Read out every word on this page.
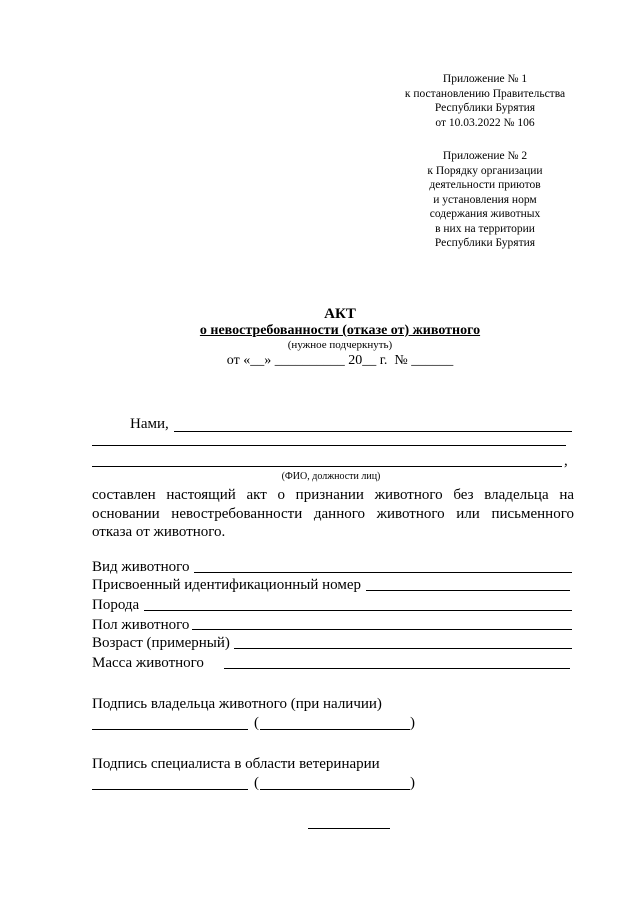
Приложение № 1
к постановлению Правительства
Республики Бурятия
от 10.03.2022 № 106
Приложение № 2
к Порядку организации
деятельности приютов
и установления норм
содержания животных
в них на территории
Республики Бурятия
АКТ
о невостребованности (отказе от) животного
(нужное подчеркнуть)
от «__» __________ 20__ г.  № ______
Нами,
,
(ФИО, должности лиц)
составлен настоящий акт о признании животного без владельца на основании невостребованности данного животного или письменного отказа от животного.
Вид животного
Присвоенный идентификационный номер
Порода
Пол животного
Возраст (примерный)
Масса животного
Подпись владельца животного (при наличии)
(	)
Подпись специалиста в области ветеринарии
(	)
